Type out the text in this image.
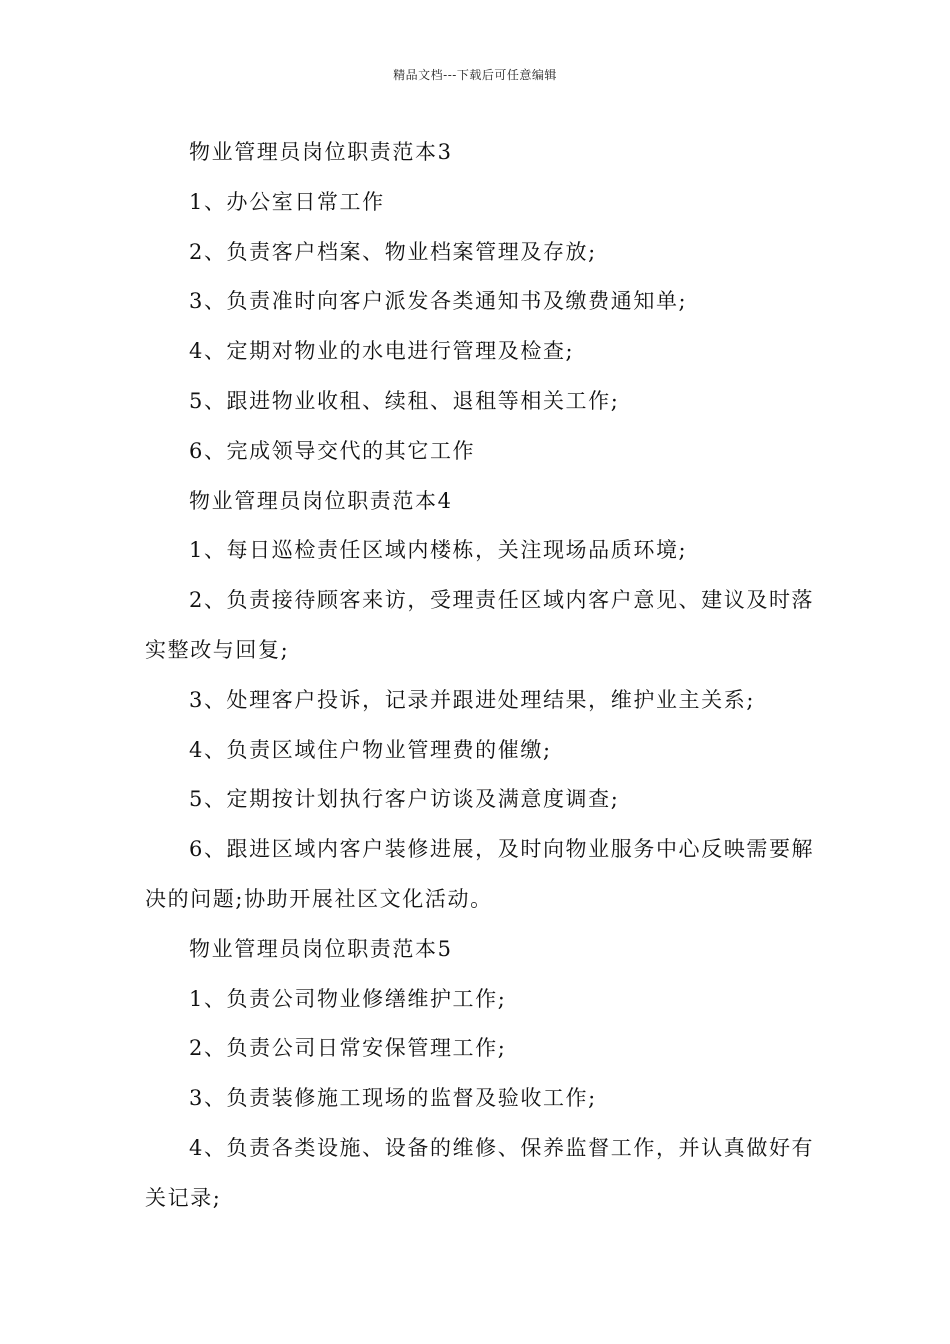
精品文档---下载后可任意编辑
物业管理员岗位职责范本3
1、办公室日常工作
2、负责客户档案、物业档案管理及存放;
3、负责准时向客户派发各类通知书及缴费通知单;
4、定期对物业的水电进行管理及检查;
5、跟进物业收租、续租、退租等相关工作;
6、完成领导交代的其它工作
物业管理员岗位职责范本4
1、每日巡检责任区域内楼栋，关注现场品质环境;
2、负责接待顾客来访，受理责任区域内客户意见、建议及时落
实整改与回复;
3、处理客户投诉，记录并跟进处理结果，维护业主关系;
4、负责区域住户物业管理费的催缴;
5、定期按计划执行客户访谈及满意度调查;
6、跟进区域内客户装修进展，及时向物业服务中心反映需要解
决的问题;协助开展社区文化活动。
物业管理员岗位职责范本5
1、负责公司物业修缮维护工作;
2、负责公司日常安保管理工作;
3、负责装修施工现场的监督及验收工作;
4、负责各类设施、设备的维修、保养监督工作，并认真做好有
关记录;
